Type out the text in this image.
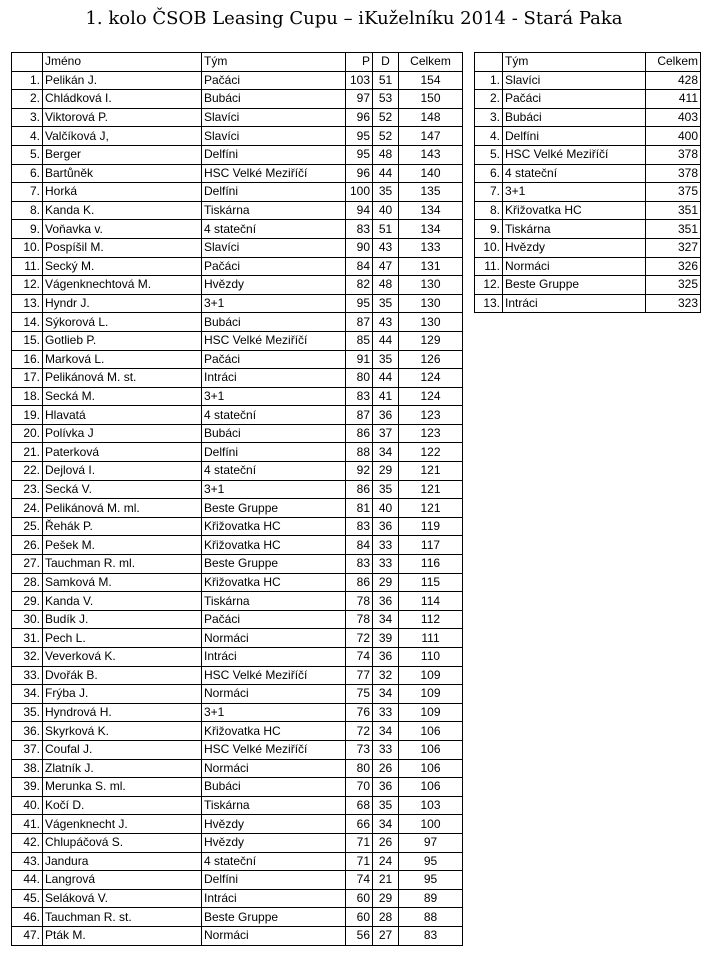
1. kolo ČSOB Leasing Cupu – iKuželníku 2014 - Stará Paka
	Jméno	Tým	P	D	Celkem
1.	Pelikán J.	Pačáci	103	51	154
2.	Chládková I.	Bubáci	97	53	150
3.	Viktorová P.	Slavíci	96	52	148
4.	Valčíková J,	Slavíci	95	52	147
5.	Berger	Delfíni	95	48	143
6.	Bartůněk	HSC Velké Meziříčí	96	44	140
7.	Horká	Delfíni	100	35	135
8.	Kanda K.	Tiskárna	94	40	134
9.	Voňavka v.	4 stateční	83	51	134
10.	Pospíšil M.	Slavíci	90	43	133
11.	Secký M.	Pačáci	84	47	131
12.	Vágenknechtová M.	Hvězdy	82	48	130
13.	Hyndr J.	3+1	95	35	130
14.	Sýkorová L.	Bubáci	87	43	130
15.	Gotlieb P.	HSC Velké Meziříčí	85	44	129
16.	Marková L.	Pačáci	91	35	126
17.	Pelikánová M. st.	Intráci	80	44	124
18.	Secká M.	3+1	83	41	124
19.	Hlavatá	4 stateční	87	36	123
20.	Polívka J	Bubáci	86	37	123
21.	Paterková	Delfíni	88	34	122
22.	Dejlová I.	4 stateční	92	29	121
23.	Secká V.	3+1	86	35	121
24.	Pelikánová M. ml.	Beste Gruppe	81	40	121
25.	Řehák P.	Křižovatka HC	83	36	119
26.	Pešek M.	Křižovatka HC	84	33	117
27.	Tauchman R. ml.	Beste Gruppe	83	33	116
28.	Samková M.	Křižovatka HC	86	29	115
29.	Kanda V.	Tiskárna	78	36	114
30.	Budík J.	Pačáci	78	34	112
31.	Pech L.	Normáci	72	39	111
32.	Veverková K.	Intráci	74	36	110
33.	Dvořák B.	HSC Velké Meziříčí	77	32	109
34.	Frýba J.	Normáci	75	34	109
35.	Hyndrová H.	3+1	76	33	109
36.	Skyrková K.	Křižovatka HC	72	34	106
37.	Coufal J.	HSC Velké Meziříčí	73	33	106
38.	Zlatník J.	Normáci	80	26	106
39.	Merunka S. ml.	Bubáci	70	36	106
40.	Kočí D.	Tiskárna	68	35	103
41.	Vágenknecht J.	Hvězdy	66	34	100
42.	Chlupáčová S.	Hvězdy	71	26	97
43.	Jandura	4 stateční	71	24	95
44.	Langrová	Delfíni	74	21	95
45.	Seláková V.	Intráci	60	29	89
46.	Tauchman R. st.	Beste Gruppe	60	28	88
47.	Pták M.	Normáci	56	27	83
	Tým	Celkem
1.	Slavíci	428
2.	Pačáci	411
3.	Bubáci	403
4.	Delfíni	400
5.	HSC Velké Meziříčí	378
6.	4 stateční	378
7.	3+1	375
8.	Křižovatka HC	351
9.	Tiskárna	351
10.	Hvězdy	327
11.	Normáci	326
12.	Beste Gruppe	325
13.	Intráci	323
